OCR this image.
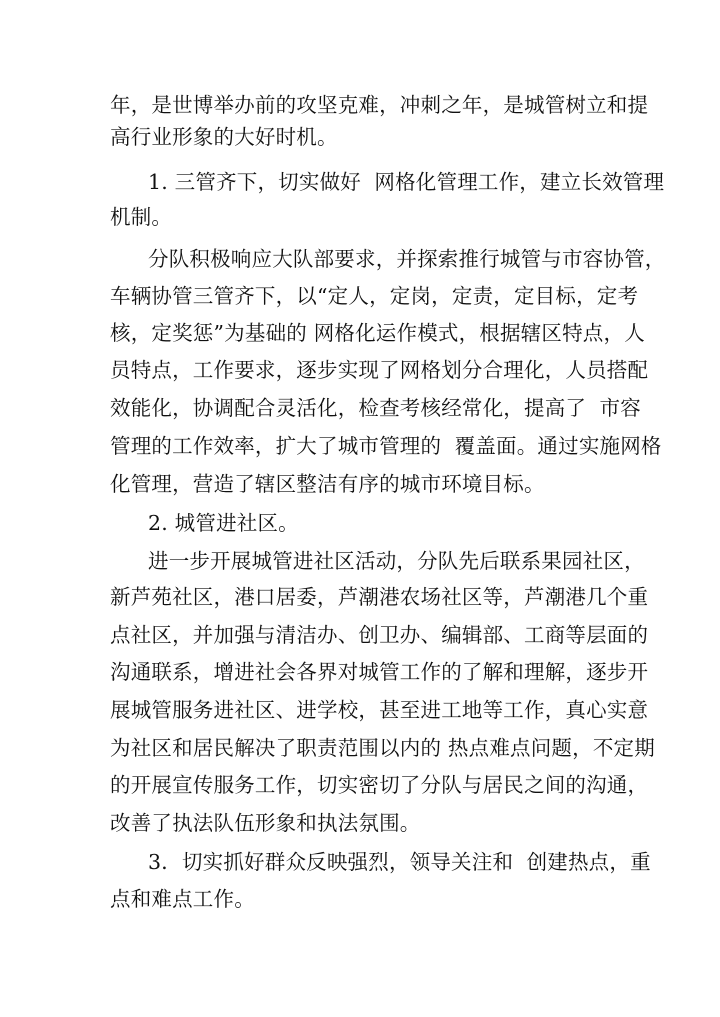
年，是世博举办前的攻坚克难，冲刺之年，是城管树立和提
高行业形象的大好时机。
1. 三管齐下，切实做好  网格化管理工作，建立长效管理
机制。
分队积极响应大队部要求，并探索推行城管与市容协管，
车辆协管三管齐下，以“定人，定岗，定责，定目标，定考
核，定奖惩”为基础的 网格化运作模式，根据辖区特点，人
员特点，工作要求，逐步实现了网格划分合理化，人员搭配
效能化，协调配合灵活化，检查考核经常化，提高了  市容
管理的工作效率，扩大了城市管理的  覆盖面。通过实施网格
化管理，营造了辖区整洁有序的城市环境目标。
2. 城管进社区。
进一步开展城管进社区活动，分队先后联系果园社区，
新芦苑社区，港口居委，芦潮港农场社区等，芦潮港几个重
点社区，并加强与清洁办、创卫办、编辑部、工商等层面的
沟通联系，增进社会各界对城管工作的了解和理解，逐步开
展城管服务进社区、进学校，甚至进工地等工作，真心实意
为社区和居民解决了职责范围以内的 热点难点问题，不定期
的开展宣传服务工作，切实密切了分队与居民之间的沟通，
改善了执法队伍形象和执法氛围。
3．切实抓好群众反映强烈，领导关注和  创建热点，重
点和难点工作。
